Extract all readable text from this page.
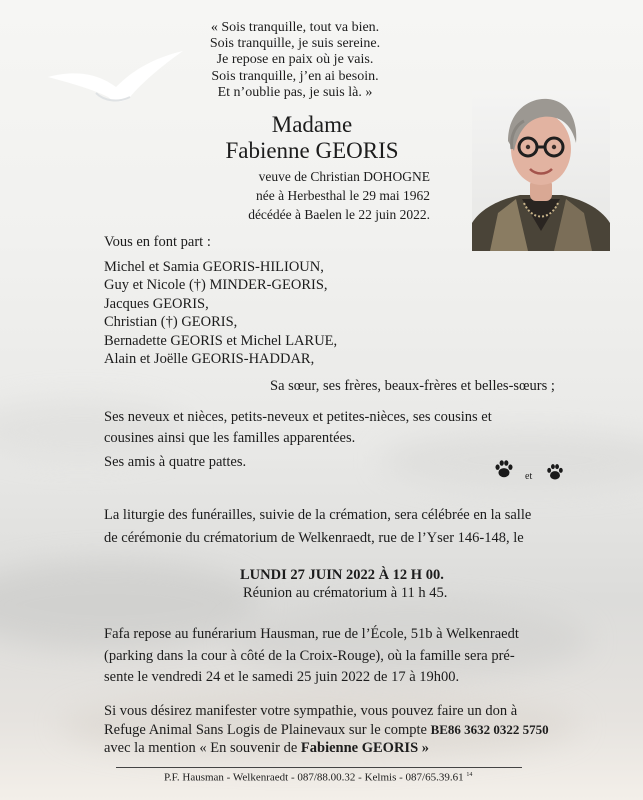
« Sois tranquille, tout va bien.
Sois tranquille, je suis sereine.
Je repose en paix où je vais.
Sois tranquille, j’en ai besoin.
Et n’oublie pas, je suis là. »
Madame
Fabienne GEORIS
veuve de Christian DOHOGNE
née à Herbesthal le 29 mai 1962
décédée à Baelen le 22 juin 2022.
Vous en font part :
Michel et Samia GEORIS-HILIOUN,
Guy et Nicole (†) MINDER-GEORIS,
Jacques GEORIS,
Christian (†) GEORIS,
Bernadette GEORIS et Michel LARUE,
Alain et Joëlle GEORIS-HADDAR,
Sa sœur, ses frères, beaux-frères et belles-sœurs ;
Ses neveux et nièces, petits-neveux et petites-nièces, ses cousins et
cousines ainsi que les familles apparentées.
Ses amis à quatre pattes.
et
La liturgie des funérailles, suivie de la crémation, sera célébrée en la salle
de cérémonie du crématorium de Welkenraedt, rue de l’Yser 146-148, le
LUNDI 27 JUIN 2022 À 12 H 00.
Réunion au crématorium à 11 h 45.
Fafa repose au funérarium Hausman, rue de l’École, 51b à Welkenraedt
(parking dans la cour à côté de la Croix-Rouge), où la famille sera pré-
sente le vendredi 24 et le samedi 25 juin 2022 de 17 à 19h00.
Si vous désirez manifester votre sympathie, vous pouvez faire un don à
Refuge Animal Sans Logis de Plainevaux sur le compte BE86 3632 0322 5750
avec la mention « En souvenir de Fabienne GEORIS »
P.F. Hausman - Welkenraedt - 087/88.00.32 - Kelmis - 087/65.39.61 $^{14}$
